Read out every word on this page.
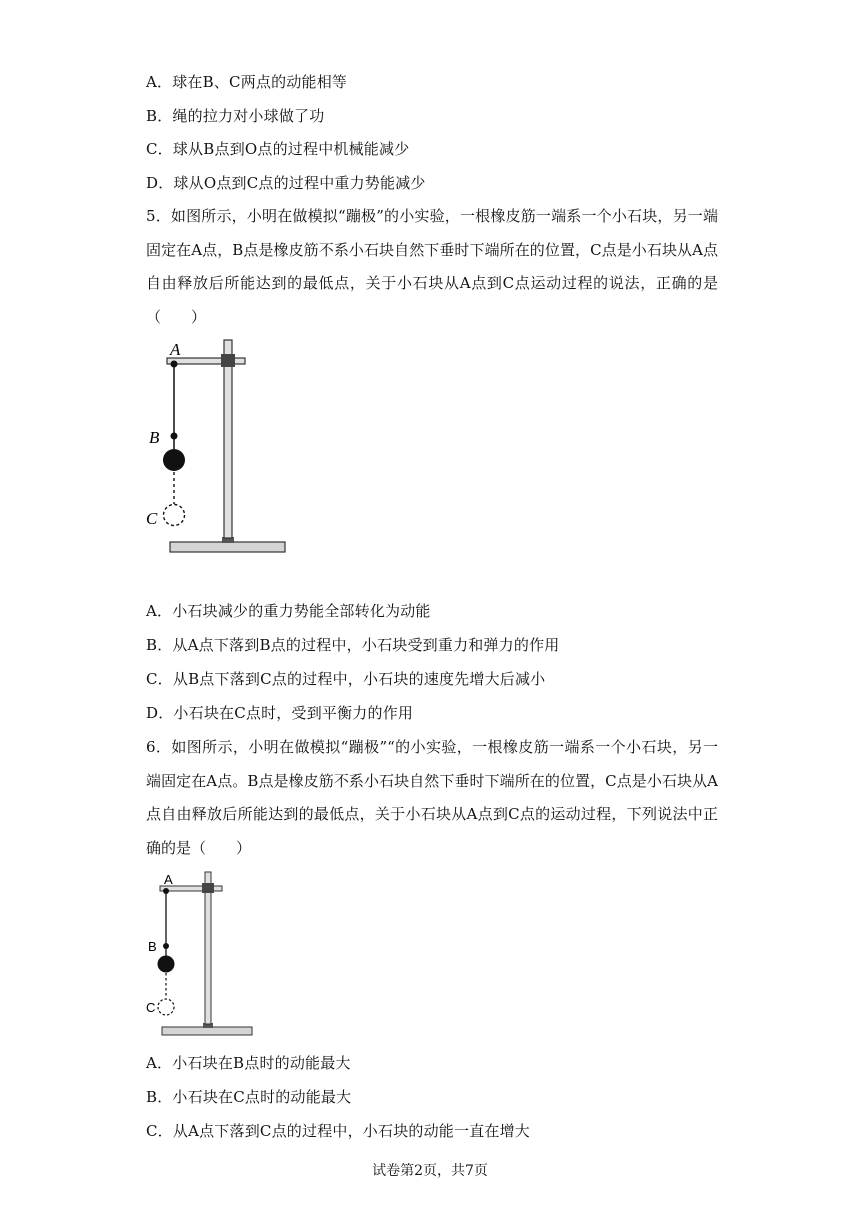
A．球在B、C两点的动能相等
B．绳的拉力对小球做了功
C．球从B点到O点的过程中机械能减少
D．球从O点到C点的过程中重力势能减少
5．如图所示，小明在做模拟“蹦极”的小实验，一根橡皮筋一端系一个小石块，另一端固定在A点，B点是橡皮筋不系小石块自然下垂时下端所在的位置，C点是小石块从A点自由释放后所能达到的最低点，关于小石块从A点到C点运动过程的说法，正确的是（　　）
A
B
C
A．小石块减少的重力势能全部转化为动能
B．从A点下落到B点的过程中，小石块受到重力和弹力的作用
C．从B点下落到C点的过程中，小石块的速度先增大后减小
D．小石块在C点时，受到平衡力的作用
6．如图所示，小明在做模拟“蹦极”“的小实验，一根橡皮筋一端系一个小石块，另一端固定在A点。B点是橡皮筋不系小石块自然下垂时下端所在的位置，C点是小石块从A点自由释放后所能达到的最低点，关于小石块从A点到C点的运动过程，下列说法中正确的是（　　）
A
B
C
A．小石块在B点时的动能最大
B．小石块在C点时的动能最大
C．从A点下落到C点的过程中，小石块的动能一直在增大
试卷第2页，共7页
